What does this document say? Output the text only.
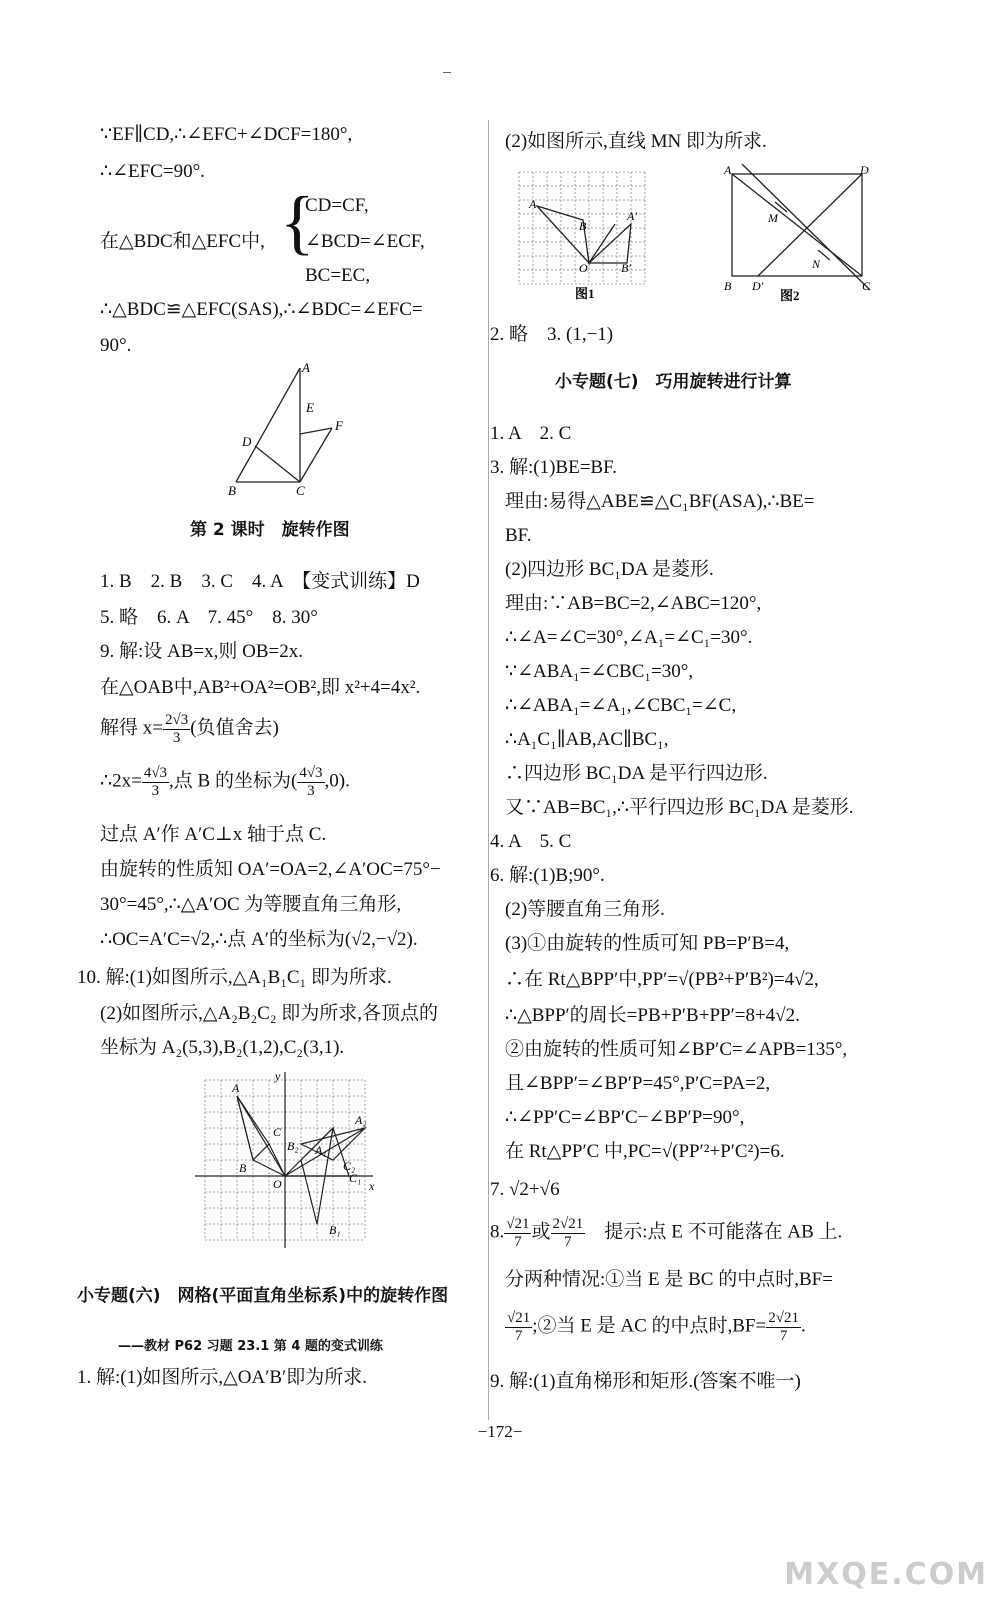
∵EF∥CD,∴∠EFC+∠DCF=180°,
∴∠EFC=90°.
在△BDC和△EFC中, {
CD=CF,
∠BCD=∠ECF,
BC=EC,
∴△BDC≌△EFC(SAS),∴∠BDC=∠EFC=
90°.
A
E
F
D
B	C
第 2 课时　旋转作图
1. B　2. B　3. C　4. A　【变式训练】D
5. 略　6. A　7. 45°　8. 30°
9. 解:设 AB=x,则 OB=2x.
在△OAB中,AB²+OA²=OB²,即 x²+4=4x².
解得 $x= \frac{2√3}{3}$ (负值舍去)
∴2x= $\frac{4√3}{3}$ ,点 B 的坐标为( $\frac{4√3}{3} ,0$).
过点 A′作 A′C⊥x 轴于点 C.
由旋转的性质知 OA′=OA=2,∠A′OC=75°−
30°=45°,∴△A′OC 为等腰直角三角形,
∴OC=A′C=√2,∴点 A′的坐标为(√2,−√2).
10. 解:(1)如图所示,△A₁B₁C₁ 即为所求.
(2)如图所示,△A₂B₂C₂ 即为所求,各顶点的
坐标为 A₂(5,3),B₂(1,2),C₂(3,1).
A
y
C
B₂ A₁
A₂
C₂
B
O	C₁
x
B₁
小专题(六)　网格(平面直角坐标系)中的旋转作图
——教材 P62 习题 23.1 第 4 题的变式训练
1. 解:(1)如图所示,△OA′B′即为所求.
(2)如图所示,直线 MN 即为所求.
A
B
A′
O	B′
图1
A	D
M
N
B D′	C
图2
2. 略　3. (1,−1)
小专题(七)　巧用旋转进行计算
1. A　2. C
3. 解:(1)BE=BF.
理由:易得△ABE≌△C₁BF(ASA),∴BE=
BF.
(2)四边形 BC₁DA 是菱形.
理由:∵AB=BC=2,∠ABC=120°,
∴∠A=∠C=30°,∠A₁=∠C₁=30°.
∵∠ABA₁=∠CBC₁=30°,
∴∠ABA₁=∠A₁,∠CBC₁=∠C,
∴A₁C₁∥AB,AC∥BC₁,
∴四边形 BC₁DA 是平行四边形.
又∵AB=BC₁,∴平行四边形 BC₁DA 是菱形.
4. A　5. C
6. 解:(1)B;90°.
(2)等腰直角三角形.
(3)①由旋转的性质可知 PB=P′B=4,
∴在 Rt△BPP′中,PP′=√(PB²+P′B²)=4√2,
∴△BPP′的周长=PB+P′B+PP′=8+4√2.
②由旋转的性质可知∠BP′C=∠APB=135°,
且∠BPP′=∠BP′P=45°,P′C=PA=2,
∴∠PP′C=∠BP′C−∠BP′P=90°,
在 Rt△PP′C 中,PC=√(PP′²+P′C²)=6.
7. √2+√6
8. $\frac{√21}{7}$ 或 $\frac{2√21}{7}$ 　提示:点 E 不可能落在 AB 上.
分两种情况:①当 E 是 BC 的中点时,BF=
$\frac{√21}{7}$ ;②当 E 是 AC 的中点时$,BF= \frac{2√21}{7}$ .
9. 解:(1)直角梯形和矩形.(答案不唯一)
−172−
MXQE.COM
